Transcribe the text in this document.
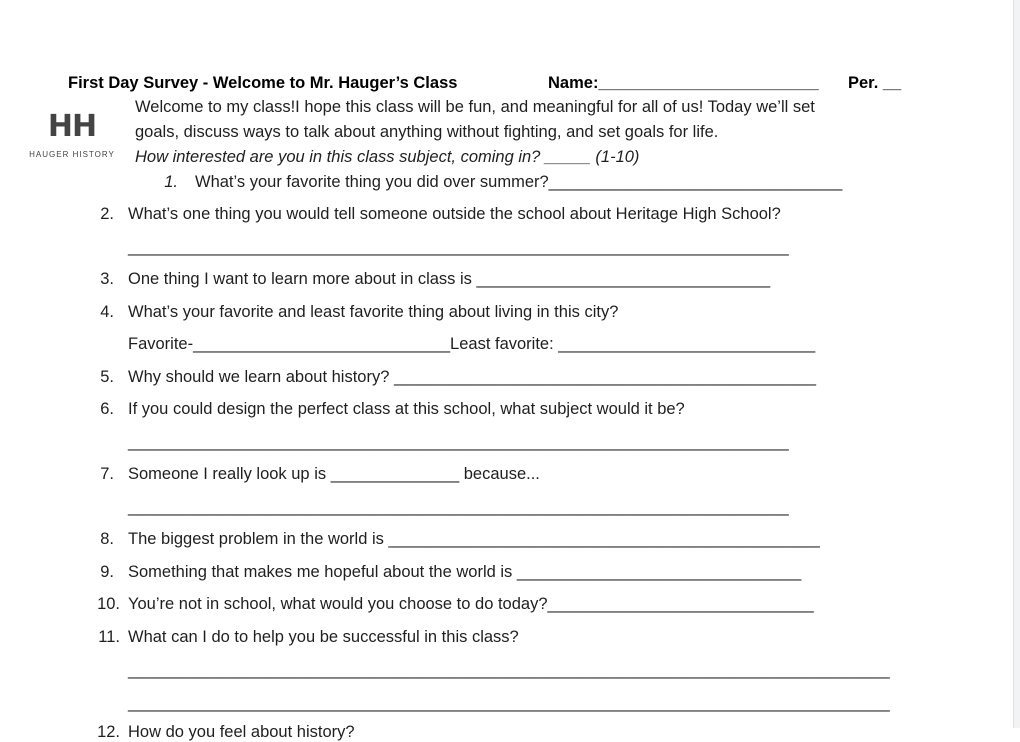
First Day Survey - Welcome to Mr. Hauger’s Class	Name:________________________ Per. __
HH
HAUGER HISTORY
Welcome to my class!I hope this class will be fun, and meaningful for all of us! Today we’ll set
goals, discuss ways to talk about anything without fighting, and set goals for life.
How interested are you in this class subject, coming in? _____ (1-10)
1. What’s your favorite thing you did over summer?________________________________
2. What’s one thing you would tell someone outside the school about Heritage High School?
________________________________________________________________________
3. One thing I want to learn more about in class is ________________________________
4. What’s your favorite and least favorite thing about living in this city?
Favorite-____________________________Least favorite: ____________________________
5. Why should we learn about history? ______________________________________________
6. If you could design the perfect class at this school, what subject would it be?
________________________________________________________________________
7. Someone I really look up is ______________ because...
________________________________________________________________________
8. The biggest problem in the world is _______________________________________________
9. Something that makes me hopeful about the world is _______________________________
10. You’re not in school, what would you choose to do today?_____________________________
11. What can I do to help you be successful in this class?
___________________________________________________________________________________
___________________________________________________________________________________
12. How do you feel about history?
